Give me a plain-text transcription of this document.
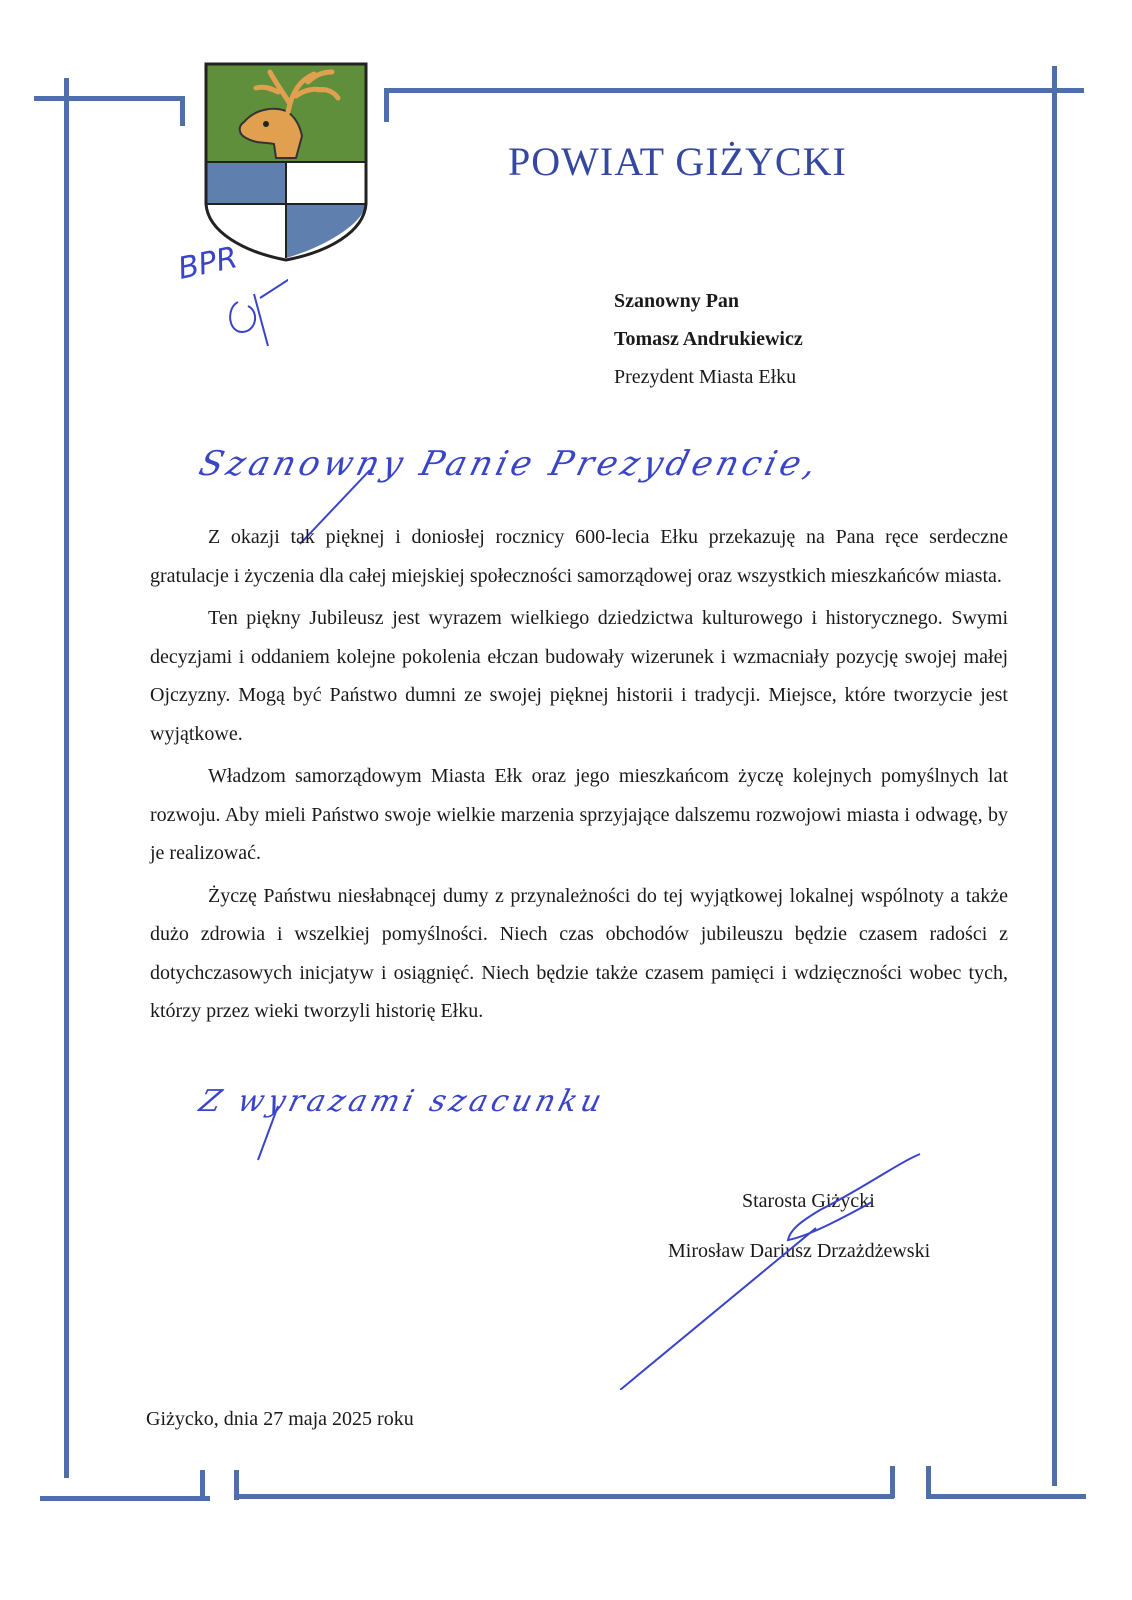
POWIAT GIŻYCKI
BPR
Szanowny Pan
Tomasz Andrukiewicz
Prezydent Miasta Ełku
Szanowny Panie Prezydencie,

Z okazji tak pięknej i doniosłej rocznicy 600-lecia Ełku przekazuję na Pana ręce serdeczne gratulacje i życzenia dla całej miejskiej społeczności samorządowej oraz wszystkich mieszkańców miasta.

Ten piękny Jubileusz jest wyrazem wielkiego dziedzictwa kulturowego i historycznego. Swymi decyzjami i oddaniem kolejne pokolenia ełczan budowały wizerunek i wzmacniały pozycję swojej małej Ojczyzny. Mogą być Państwo dumni ze swojej pięknej historii i tradycji. Miejsce, które tworzycie jest wyjątkowe.

Władzom samorządowym Miasta Ełk oraz jego mieszkańcom życzę kolejnych pomyślnych lat rozwoju. Aby mieli Państwo swoje wielkie marzenia sprzyjające dalszemu rozwojowi miasta i odwagę, by je realizować.

Życzę Państwu niesłabnącej dumy z przynależności do tej wyjątkowej lokalnej wspólnoty a także dużo zdrowia i wszelkiej pomyślności. Niech czas obchodów jubileuszu będzie czasem radości z dotychczasowych inicjatyw i osiągnięć. Niech będzie także czasem pamięci i wdzięczności wobec tych, którzy przez wieki tworzyli historię Ełku.

Z wyrazami szacunku
Starosta Giżycki
Mirosław Dariusz Drzażdżewski
Giżycko, dnia 27 maja 2025 roku
